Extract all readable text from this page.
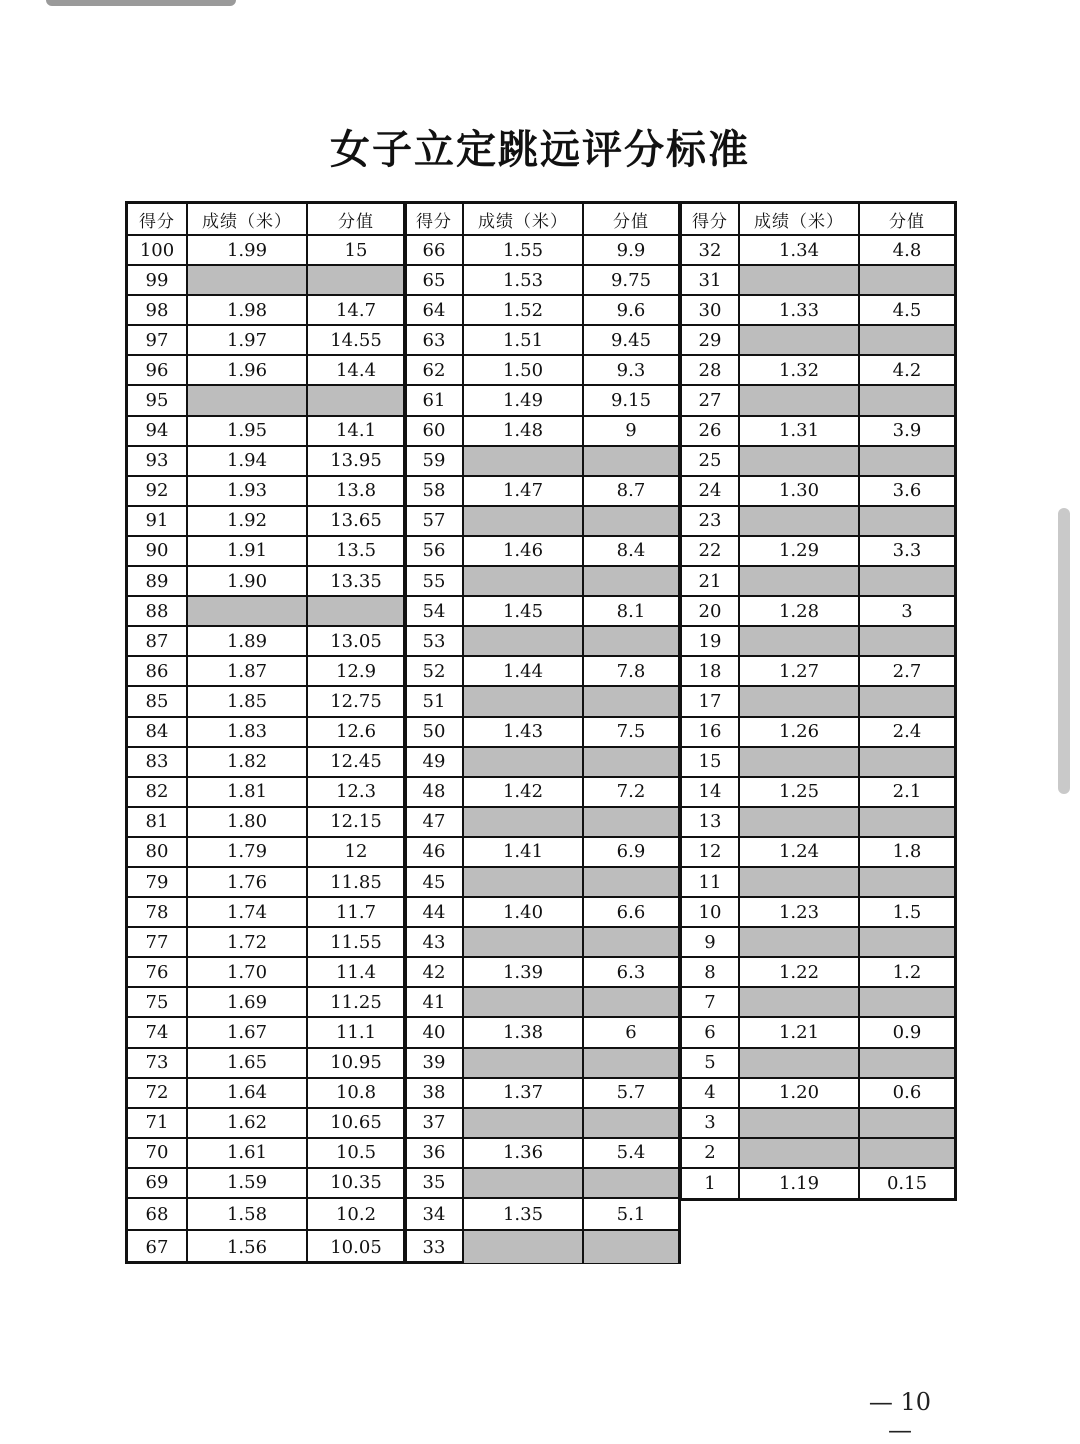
女子立定跳远评分标准
得分	成绩（米）	分值
100	1.99	15
99
98	1.98	14.7
97	1.97	14.55
96	1.96	14.4
95
94	1.95	14.1
93	1.94	13.95
92	1.93	13.8
91	1.92	13.65
90	1.91	13.5
89	1.90	13.35
88
87	1.89	13.05
86	1.87	12.9
85	1.85	12.75
84	1.83	12.6
83	1.82	12.45
82	1.81	12.3
81	1.80	12.15
80	1.79	12
79	1.76	11.85
78	1.74	11.7
77	1.72	11.55
76	1.70	11.4
75	1.69	11.25
74	1.67	11.1
73	1.65	10.95
72	1.64	10.8
71	1.62	10.65
70	1.61	10.5
69	1.59	10.35
68	1.58	10.2
67	1.56	10.05
得分	成绩（米）	分值
66	1.55	9.9
65	1.53	9.75
64	1.52	9.6
63	1.51	9.45
62	1.50	9.3
61	1.49	9.15
60	1.48	9
59
58	1.47	8.7
57
56	1.46	8.4
55
54	1.45	8.1
53
52	1.44	7.8
51
50	1.43	7.5
49
48	1.42	7.2
47
46	1.41	6.9
45
44	1.40	6.6
43
42	1.39	6.3
41
40	1.38	6
39
38	1.37	5.7
37
36	1.36	5.4
35
34	1.35	5.1
33
得分	成绩（米）	分值
32	1.34	4.8
31
30	1.33	4.5
29
28	1.32	4.2
27
26	1.31	3.9
25
24	1.30	3.6
23
22	1.29	3.3
21
20	1.28	3
19
18	1.27	2.7
17
16	1.26	2.4
15
14	1.25	2.1
13
12	1.24	1.8
11
10	1.23	1.5
9
8	1.22	1.2
7
6	1.21	0.9
5
4	1.20	0.6
3
2
1	1.19	0.15
— 10 —
